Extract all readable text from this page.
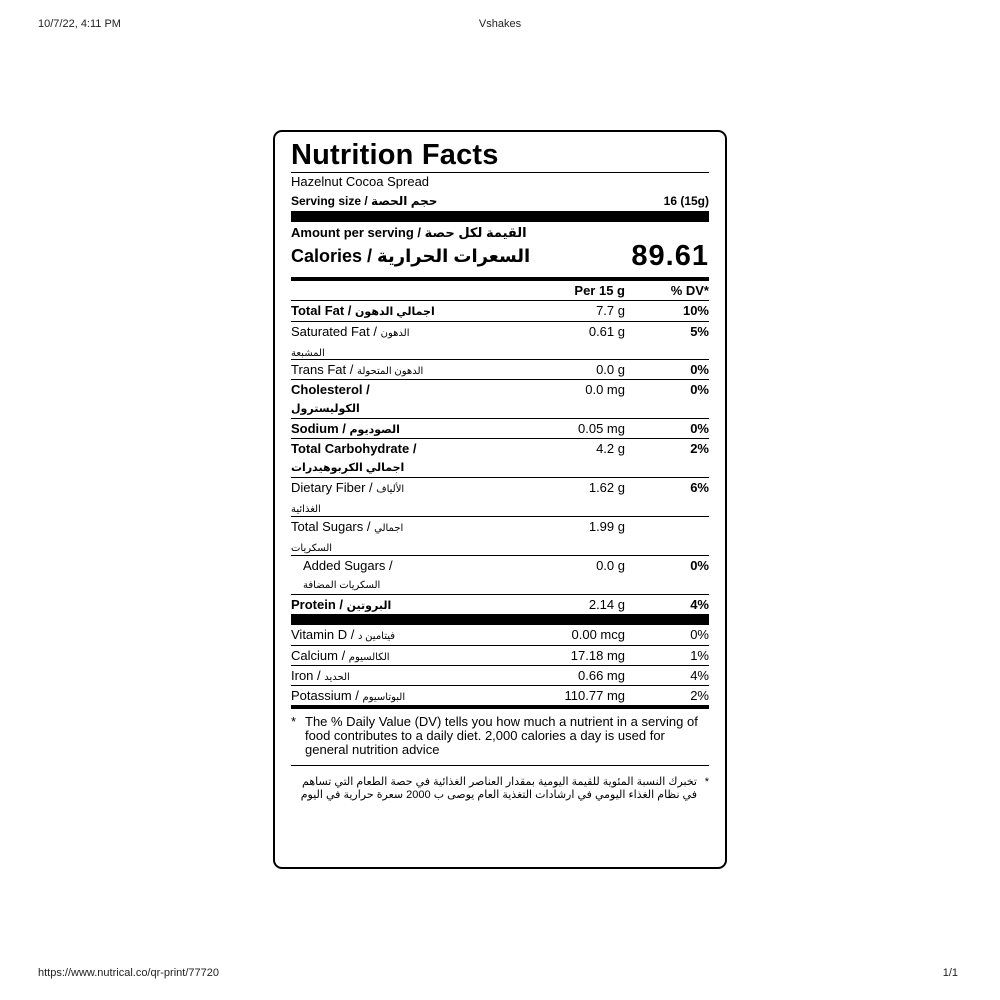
10/7/22, 4:11 PM	Vshakes
https://www.nutrical.co/qr-print/77720	1/1
Nutrition Facts
Hazelnut Cocoa Spread
Serving size / حجم الحصة	16 (15g)
Amount per serving / القيمة لكل حصة
Calories / السعرات الحرارية	89.61
Per 15 g	% DV*
Total Fat / اجمالي الدهون	7.7 g	10%
Saturated Fat / الدهون المشبعة
0.61 g	5%
Trans Fat / الدهون المتحولة	0.0 g	0%
Cholesterol /
الكوليسترول
0.0 mg	0%
Sodium / الصوديوم	0.05 mg	0%
Total Carbohydrate /
اجمالي الكربوهيدرات
4.2 g	2%
Dietary Fiber / الألياف الغذائية
1.62 g	6%
Total Sugars / اجمالي السكريات
1.99 g
Added Sugars /
السكريات المضافة
0.0 g	0%
Protein / البروتين	2.14 g	4%
Vitamin D / فيتامين د	0.00 mcg	0%
Calcium / الكالسيوم	17.18 mg	1%
Iron / الحديد	0.66 mg	4%
Potassium / البوتاسيوم	110.77 mg	2%
* The % Daily Value (DV) tells you how much a nutrient in a serving of food contributes to a daily diet. 2,000 calories a day is used for general nutrition advice
*
تخبرك النسبة المئوية للقيمة اليومية بمقدار العناصر الغذائية في حصة الطعام التي تساهم في نظام الغذاء اليومي في ارشادات التغذية العام يوصى ب 2000 سعرة حرارية في اليوم
